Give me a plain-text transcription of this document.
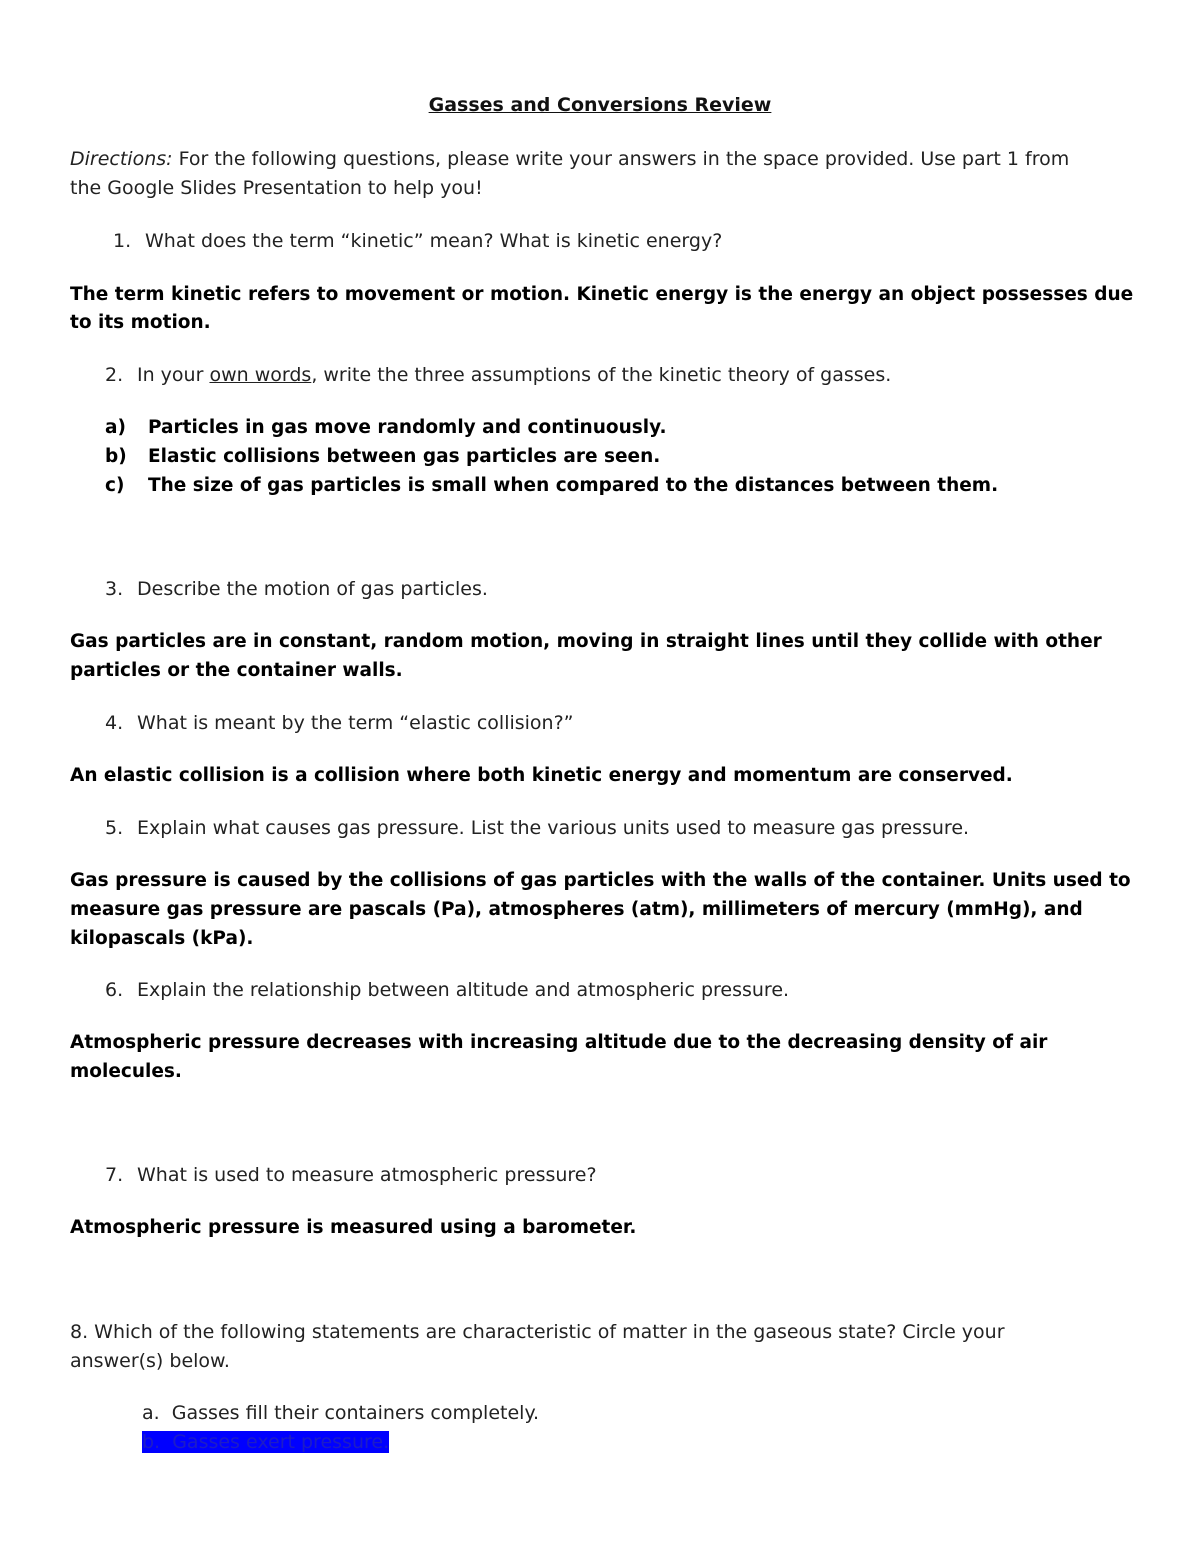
Gasses and Conversions Review
Directions: For the following questions, please write your answers in the space provided. Use part 1 from
the Google Slides Presentation to help you!
1. What does the term “kinetic” mean? What is kinetic energy?
The term kinetic refers to movement or motion. Kinetic energy is the energy an object possesses due
to its motion.
2. In your own words, write the three assumptions of the kinetic theory of gasses.
a) Particles in gas move randomly and continuously.
b) Elastic collisions between gas particles are seen.
c) The size of gas particles is small when compared to the distances between them.
3. Describe the motion of gas particles.
Gas particles are in constant, random motion, moving in straight lines until they collide with other
particles or the container walls.
4. What is meant by the term “elastic collision?”
An elastic collision is a collision where both kinetic energy and momentum are conserved.
5. Explain what causes gas pressure. List the various units used to measure gas pressure.
Gas pressure is caused by the collisions of gas particles with the walls of the container. Units used to
measure gas pressure are pascals (Pa), atmospheres (atm), millimeters of mercury (mmHg), and
kilopascals (kPa).
6. Explain the relationship between altitude and atmospheric pressure.
Atmospheric pressure decreases with increasing altitude due to the decreasing density of air
molecules.
7. What is used to measure atmospheric pressure?
Atmospheric pressure is measured using a barometer.
8. Which of the following statements are characteristic of matter in the gaseous state? Circle your
answer(s) below.
a. Gasses fill their containers completely.
b. Gasses exert pressure.
